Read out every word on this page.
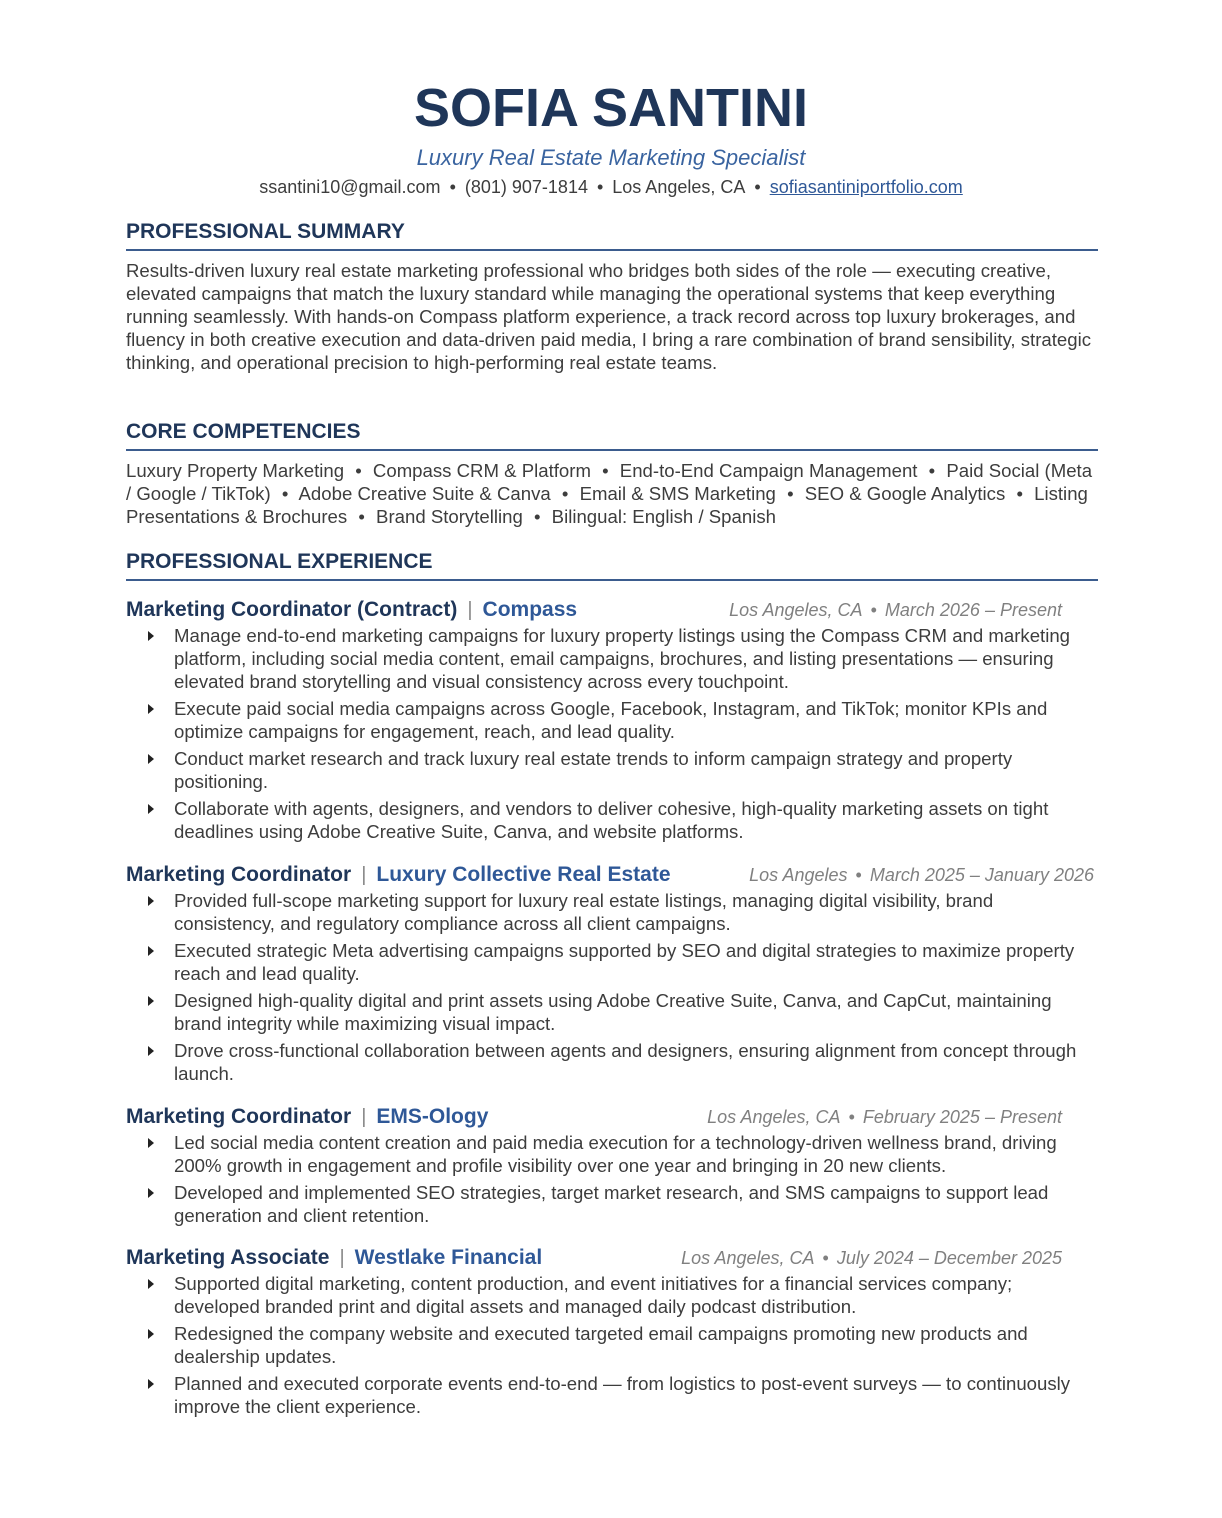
SOFIA SANTINI
Luxury Real Estate Marketing Specialist
ssantini10@gmail.com • (801) 907-1814 • Los Angeles, CA • sofiasantiniportfolio.com
PROFESSIONAL SUMMARY
Results-driven luxury real estate marketing professional who bridges both sides of the role — executing creative, elevated campaigns that match the luxury standard while managing the operational systems that keep everything running seamlessly. With hands-on Compass platform experience, a track record across top luxury brokerages, and fluency in both creative execution and data-driven paid media, I bring a rare combination of brand sensibility, strategic thinking, and operational precision to high-performing real estate teams.
CORE COMPETENCIES
Luxury Property Marketing • Compass CRM & Platform • End-to-End Campaign Management • Paid Social (Meta / Google / TikTok) • Adobe Creative Suite & Canva • Email & SMS Marketing • SEO & Google Analytics • Listing Presentations & Brochures • Brand Storytelling • Bilingual: English / Spanish
PROFESSIONAL EXPERIENCE
Marketing Coordinator (Contract) | Compass	Los Angeles, CA • March 2026 – Present
Manage end-to-end marketing campaigns for luxury property listings using the Compass CRM and marketing platform, including social media content, email campaigns, brochures, and listing presentations — ensuring elevated brand storytelling and visual consistency across every touchpoint.
Execute paid social media campaigns across Google, Facebook, Instagram, and TikTok; monitor KPIs and optimize campaigns for engagement, reach, and lead quality.
Conduct market research and track luxury real estate trends to inform campaign strategy and property positioning.
Collaborate with agents, designers, and vendors to deliver cohesive, high-quality marketing assets on tight deadlines using Adobe Creative Suite, Canva, and website platforms.
Marketing Coordinator | Luxury Collective Real Estate	Los Angeles • March 2025 – January 2026
Provided full-scope marketing support for luxury real estate listings, managing digital visibility, brand consistency, and regulatory compliance across all client campaigns.
Executed strategic Meta advertising campaigns supported by SEO and digital strategies to maximize property reach and lead quality.
Designed high-quality digital and print assets using Adobe Creative Suite, Canva, and CapCut, maintaining brand integrity while maximizing visual impact.
Drove cross-functional collaboration between agents and designers, ensuring alignment from concept through launch.
Marketing Coordinator | EMS-Ology	Los Angeles, CA • February 2025 – Present
Led social media content creation and paid media execution for a technology-driven wellness brand, driving 200% growth in engagement and profile visibility over one year and bringing in 20 new clients.
Developed and implemented SEO strategies, target market research, and SMS campaigns to support lead generation and client retention.
Marketing Associate | Westlake Financial	Los Angeles, CA • July 2024 – December 2025
Supported digital marketing, content production, and event initiatives for a financial services company; developed branded print and digital assets and managed daily podcast distribution.
Redesigned the company website and executed targeted email campaigns promoting new products and dealership updates.
Planned and executed corporate events end-to-end — from logistics to post-event surveys — to continuously improve the client experience.
